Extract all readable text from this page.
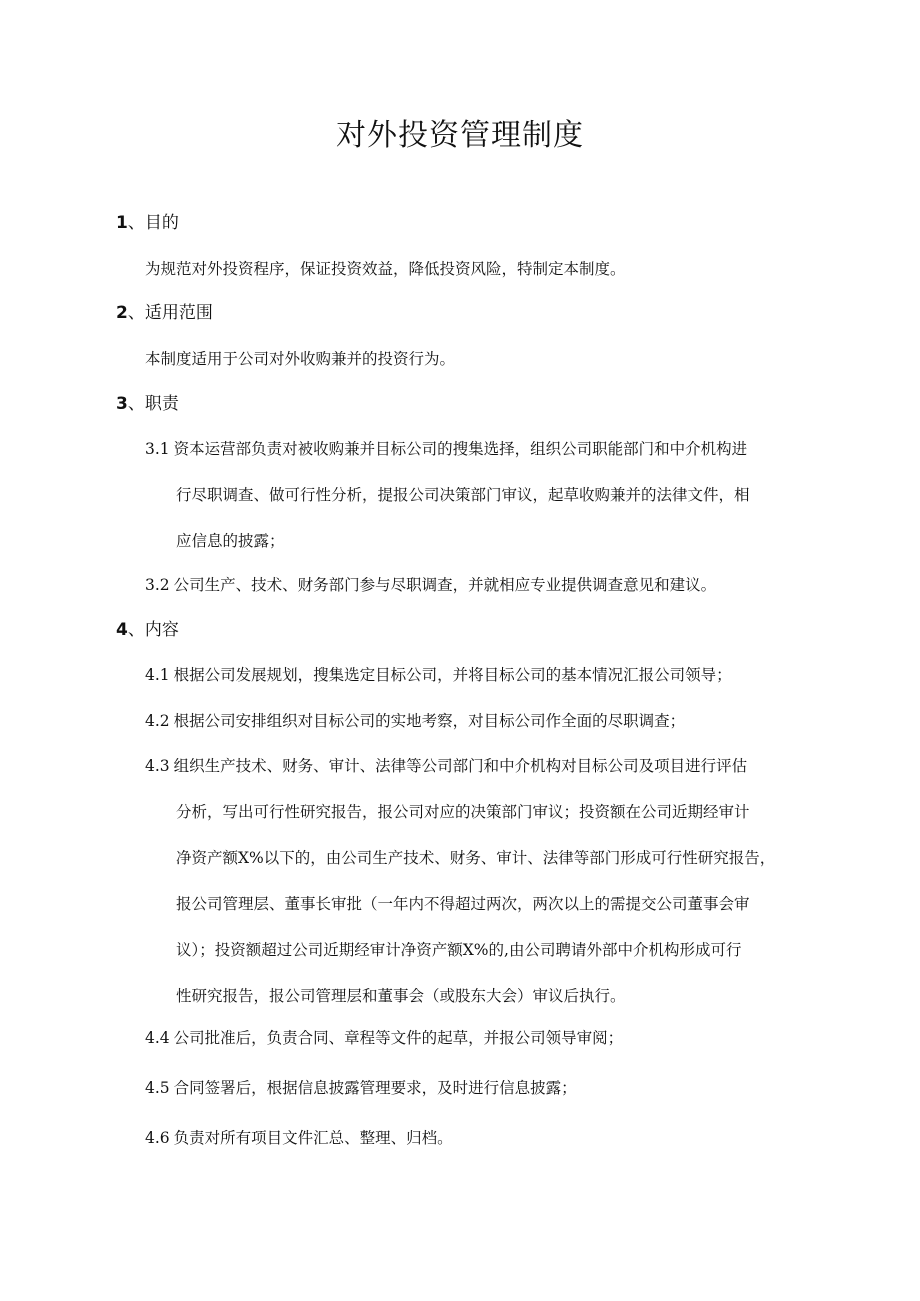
对外投资管理制度
1、目的
为规范对外投资程序，保证投资效益，降低投资风险，特制定本制度。
2、适用范围
本制度适用于公司对外收购兼并的投资行为。
3、职责
3.1 资本运营部负责对被收购兼并目标公司的搜集选择，组织公司职能部门和中介机构进
行尽职调查、做可行性分析，提报公司决策部门审议，起草收购兼并的法律文件，相
应信息的披露；
3.2 公司生产、技术、财务部门参与尽职调查，并就相应专业提供调查意见和建议。
4、内容
4.1 根据公司发展规划，搜集选定目标公司，并将目标公司的基本情况汇报公司领导；
4.2 根据公司安排组织对目标公司的实地考察，对目标公司作全面的尽职调查；
4.3 组织生产技术、财务、审计、法律等公司部门和中介机构对目标公司及项目进行评估
分析，写出可行性研究报告，报公司对应的决策部门审议；投资额在公司近期经审计
净资产额X%以下的，由公司生产技术、财务、审计、法律等部门形成可行性研究报告，
报公司管理层、董事长审批（一年内不得超过两次，两次以上的需提交公司董事会审
议）；投资额超过公司近期经审计净资产额X%的,由公司聘请外部中介机构形成可行
性研究报告，报公司管理层和董事会（或股东大会）审议后执行。
4.4 公司批准后，负责合同、章程等文件的起草，并报公司领导审阅；
4.5 合同签署后，根据信息披露管理要求，及时进行信息披露；
4.6 负责对所有项目文件汇总、整理、归档。
